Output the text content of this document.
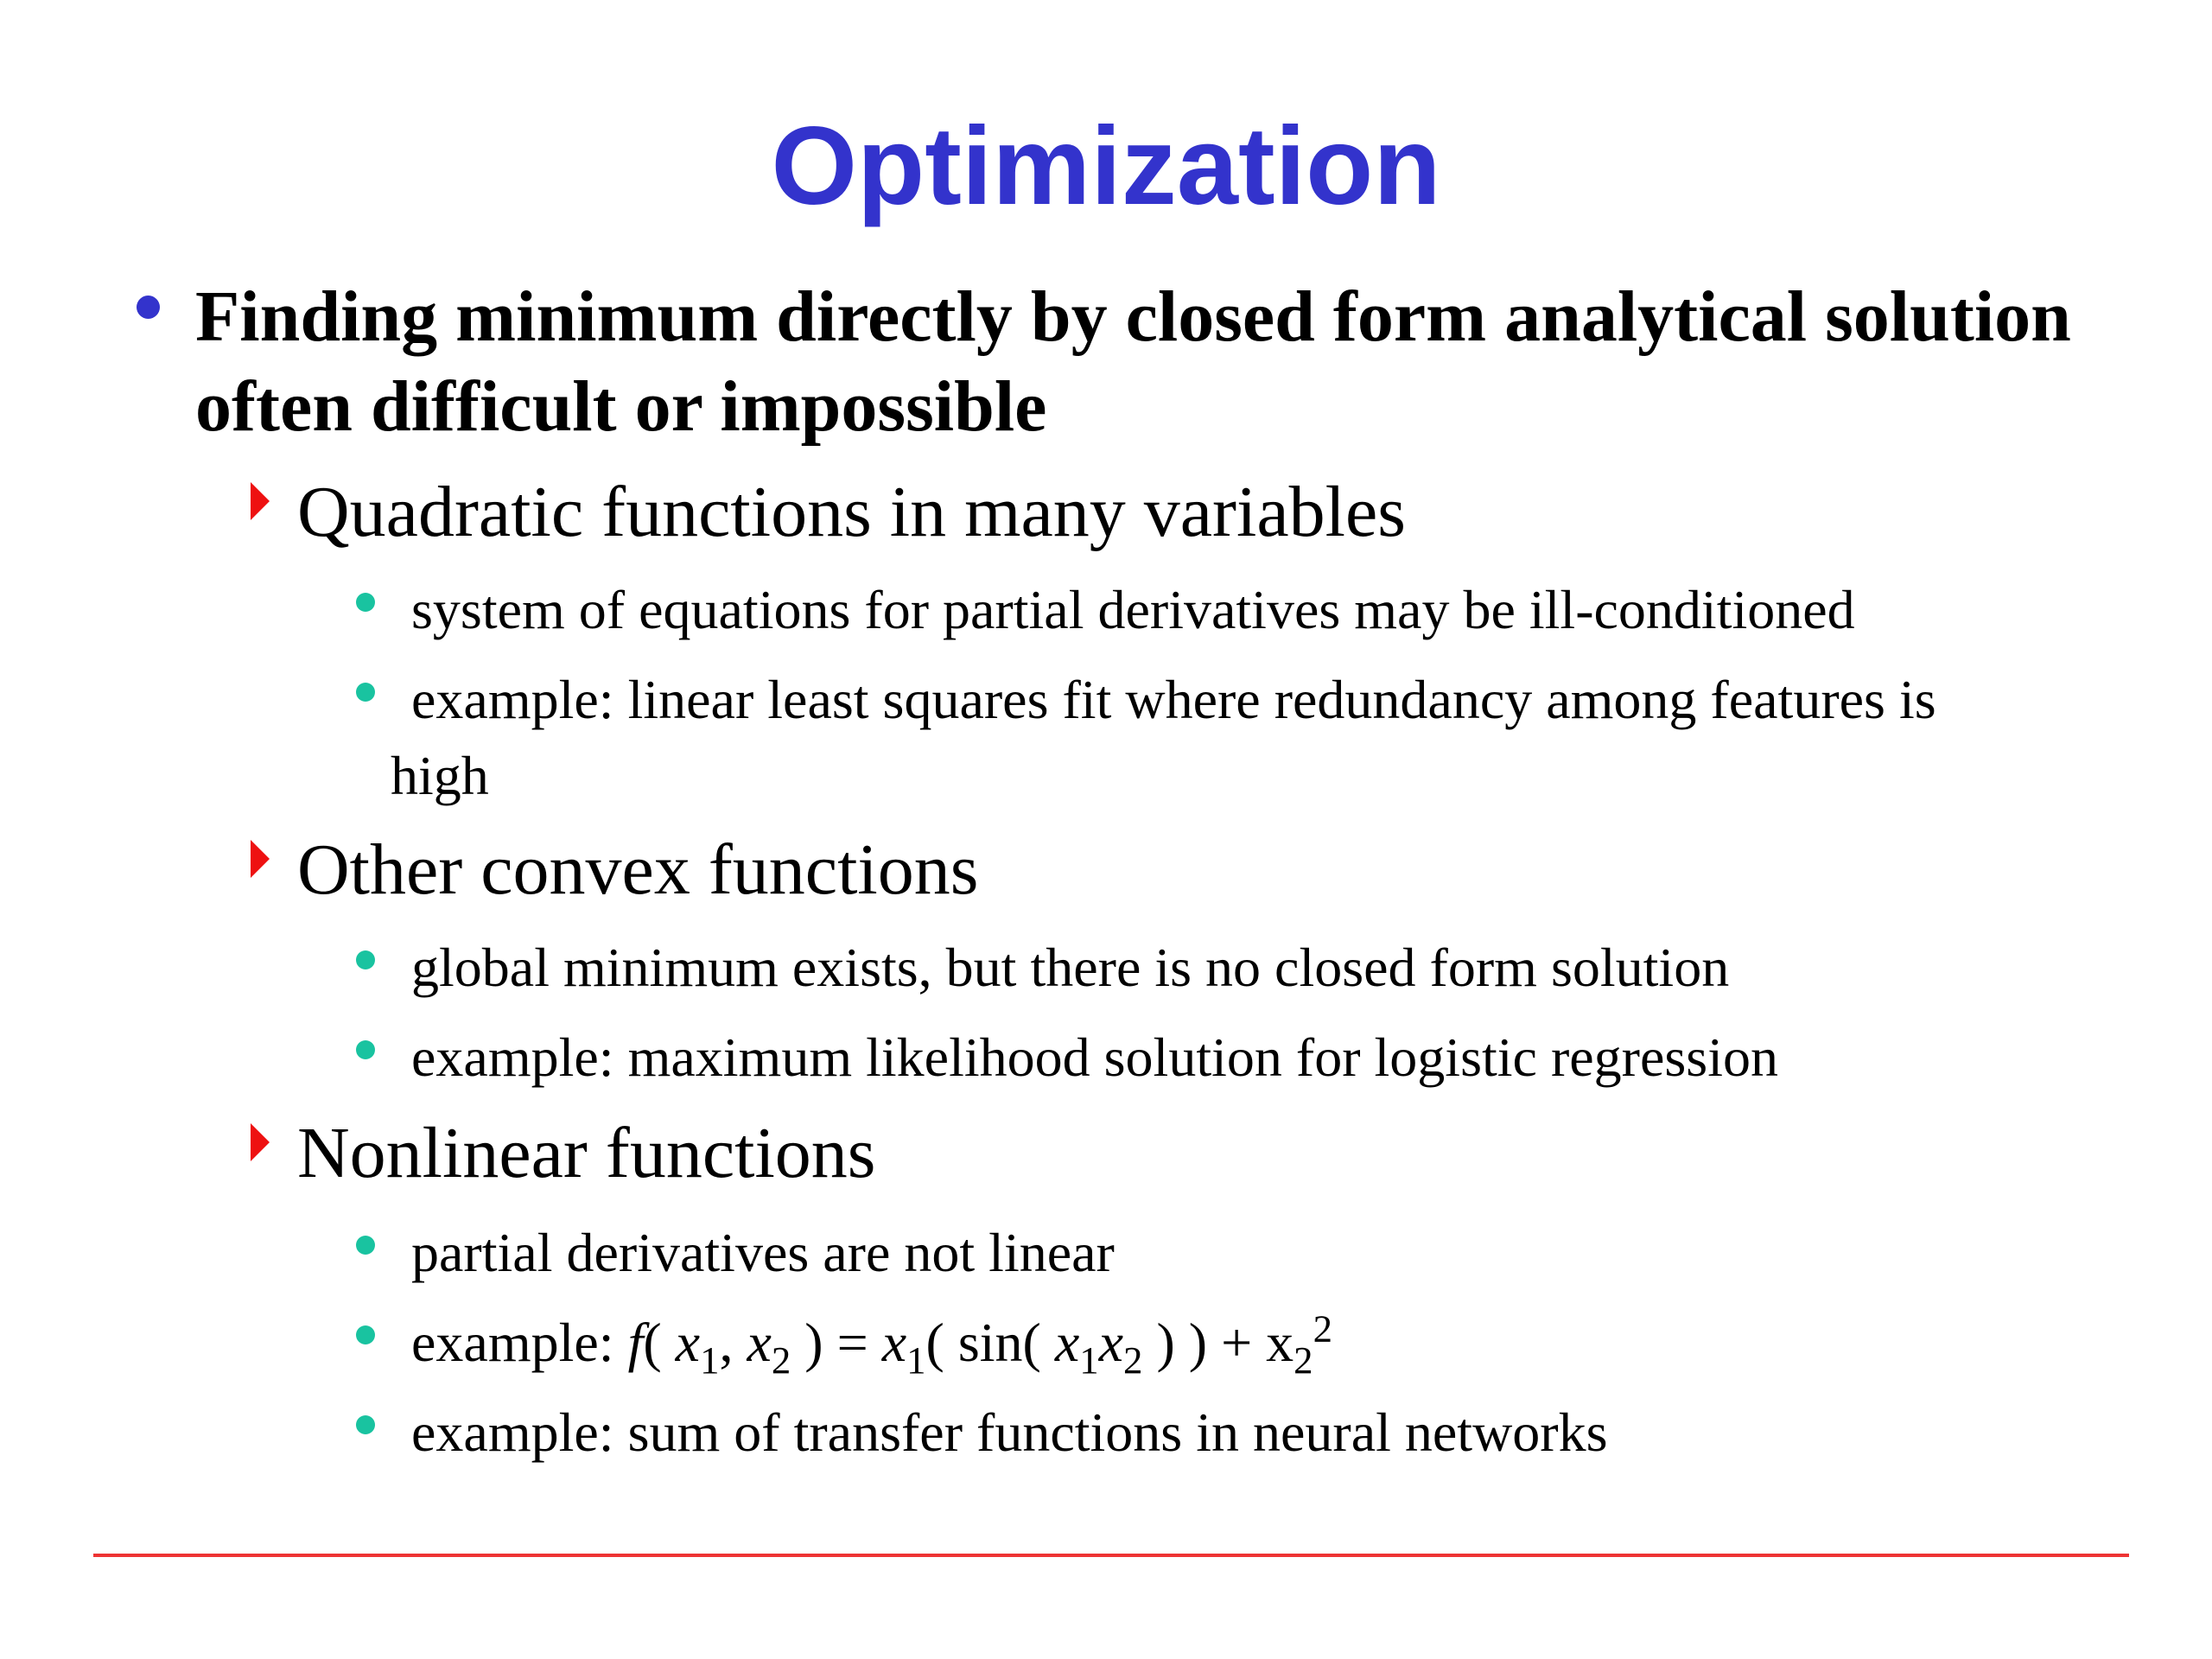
Optimization
Finding minimum directly by closed form analytical solution
often difficult or impossible
Quadratic functions in many variables
system of equations for partial derivatives may be ill-conditioned
example: linear least squares fit where redundancy among features is
high
Other convex functions
global minimum exists, but there is no closed form solution
example: maximum likelihood solution for logistic regression
Nonlinear functions
partial derivatives are not linear
example: f( $x_1$, $x_2$ ) = $x_1$( sin( $x_1x_2$ ) ) + $x_2^2$
example: sum of transfer functions in neural networks
